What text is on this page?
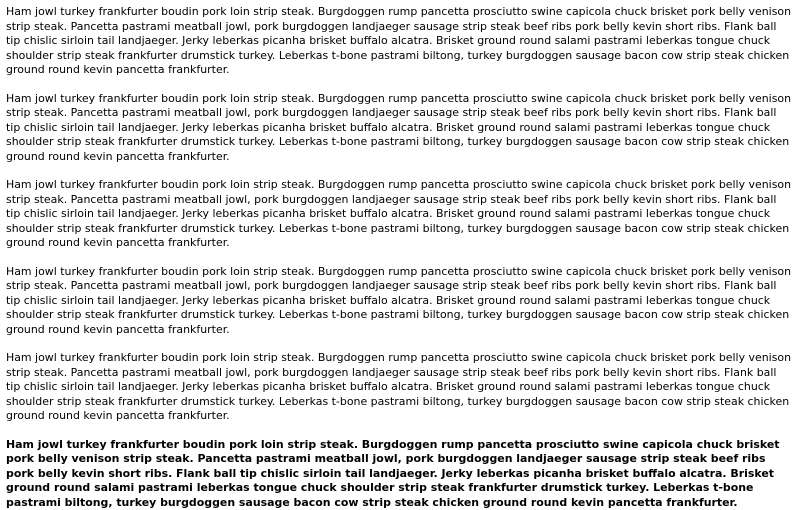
Ham jowl turkey frankfurter boudin pork loin strip steak. Burgdoggen rump pancetta prosciutto swine capicola chuck brisket pork belly venison strip steak. Pancetta pastrami meatball jowl, pork burgdoggen landjaeger sausage strip steak beef ribs pork belly kevin short ribs. Flank ball tip chislic sirloin tail landjaeger. Jerky leberkas picanha brisket buffalo alcatra. Brisket ground round salami pastrami leberkas tongue chuck shoulder strip steak frankfurter drumstick turkey. Leberkas t-bone pastrami biltong, turkey burgdoggen sausage bacon cow strip steak chicken ground round kevin pancetta frankfurter.

Ham jowl turkey frankfurter boudin pork loin strip steak. Burgdoggen rump pancetta prosciutto swine capicola chuck brisket pork belly venison strip steak. Pancetta pastrami meatball jowl, pork burgdoggen landjaeger sausage strip steak beef ribs pork belly kevin short ribs. Flank ball tip chislic sirloin tail landjaeger. Jerky leberkas picanha brisket buffalo alcatra. Brisket ground round salami pastrami leberkas tongue chuck shoulder strip steak frankfurter drumstick turkey. Leberkas t-bone pastrami biltong, turkey burgdoggen sausage bacon cow strip steak chicken ground round kevin pancetta frankfurter.

Ham jowl turkey frankfurter boudin pork loin strip steak. Burgdoggen rump pancetta prosciutto swine capicola chuck brisket pork belly venison strip steak. Pancetta pastrami meatball jowl, pork burgdoggen landjaeger sausage strip steak beef ribs pork belly kevin short ribs. Flank ball tip chislic sirloin tail landjaeger. Jerky leberkas picanha brisket buffalo alcatra. Brisket ground round salami pastrami leberkas tongue chuck shoulder strip steak frankfurter drumstick turkey. Leberkas t-bone pastrami biltong, turkey burgdoggen sausage bacon cow strip steak chicken ground round kevin pancetta frankfurter.

Ham jowl turkey frankfurter boudin pork loin strip steak. Burgdoggen rump pancetta prosciutto swine capicola chuck brisket pork belly venison strip steak. Pancetta pastrami meatball jowl, pork burgdoggen landjaeger sausage strip steak beef ribs pork belly kevin short ribs. Flank ball tip chislic sirloin tail landjaeger. Jerky leberkas picanha brisket buffalo alcatra. Brisket ground round salami pastrami leberkas tongue chuck shoulder strip steak frankfurter drumstick turkey. Leberkas t-bone pastrami biltong, turkey burgdoggen sausage bacon cow strip steak chicken ground round kevin pancetta frankfurter.

Ham jowl turkey frankfurter boudin pork loin strip steak. Burgdoggen rump pancetta prosciutto swine capicola chuck brisket pork belly venison strip steak. Pancetta pastrami meatball jowl, pork burgdoggen landjaeger sausage strip steak beef ribs pork belly kevin short ribs. Flank ball tip chislic sirloin tail landjaeger. Jerky leberkas picanha brisket buffalo alcatra. Brisket ground round salami pastrami leberkas tongue chuck shoulder strip steak frankfurter drumstick turkey. Leberkas t-bone pastrami biltong, turkey burgdoggen sausage bacon cow strip steak chicken ground round kevin pancetta frankfurter.

Ham jowl turkey frankfurter boudin pork loin strip steak. Burgdoggen rump pancetta prosciutto swine capicola chuck brisket pork belly venison strip steak. Pancetta pastrami meatball jowl, pork burgdoggen landjaeger sausage strip steak beef ribs pork belly kevin short ribs. Flank ball tip chislic sirloin tail landjaeger. Jerky leberkas picanha brisket buffalo alcatra. Brisket ground round salami pastrami leberkas tongue chuck shoulder strip steak frankfurter drumstick turkey. Leberkas t-bone pastrami biltong, turkey burgdoggen sausage bacon cow strip steak chicken ground round kevin pancetta frankfurter.
